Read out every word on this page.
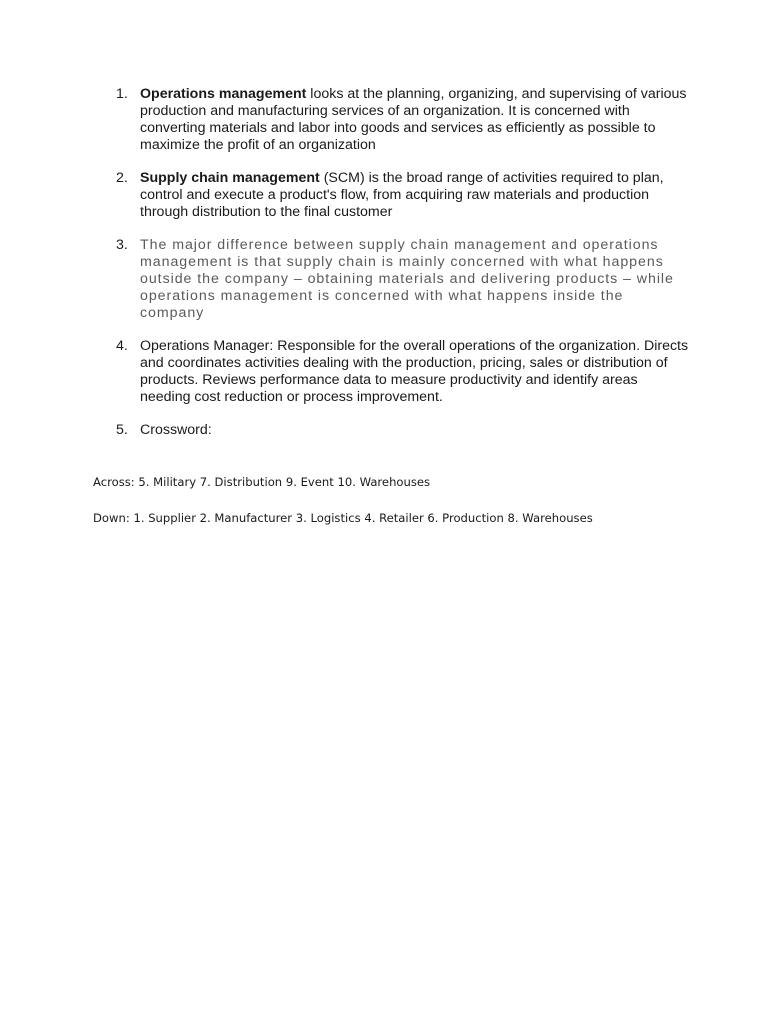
1. Operations management looks at the planning, organizing, and supervising of various production and manufacturing services of an organization. It is concerned with converting materials and labor into goods and services as efficiently as possible to maximize the profit of an organization
2. Supply chain management (SCM) is the broad range of activities required to plan, control and execute a product's flow, from acquiring raw materials and production through distribution to the final customer
3. The major difference between supply chain management and operations management is that supply chain is mainly concerned with what happens outside the company – obtaining materials and delivering products – while operations management is concerned with what happens inside the company
4. Operations Manager: Responsible for the overall operations of the organization. Directs and coordinates activities dealing with the production, pricing, sales or distribution of products. Reviews performance data to measure productivity and identify areas needing cost reduction or process improvement.
5. Crossword:
Across: 5. Military 7. Distribution 9. Event 10. Warehouses
Down: 1. Supplier 2. Manufacturer 3. Logistics 4. Retailer 6. Production 8. Warehouses
